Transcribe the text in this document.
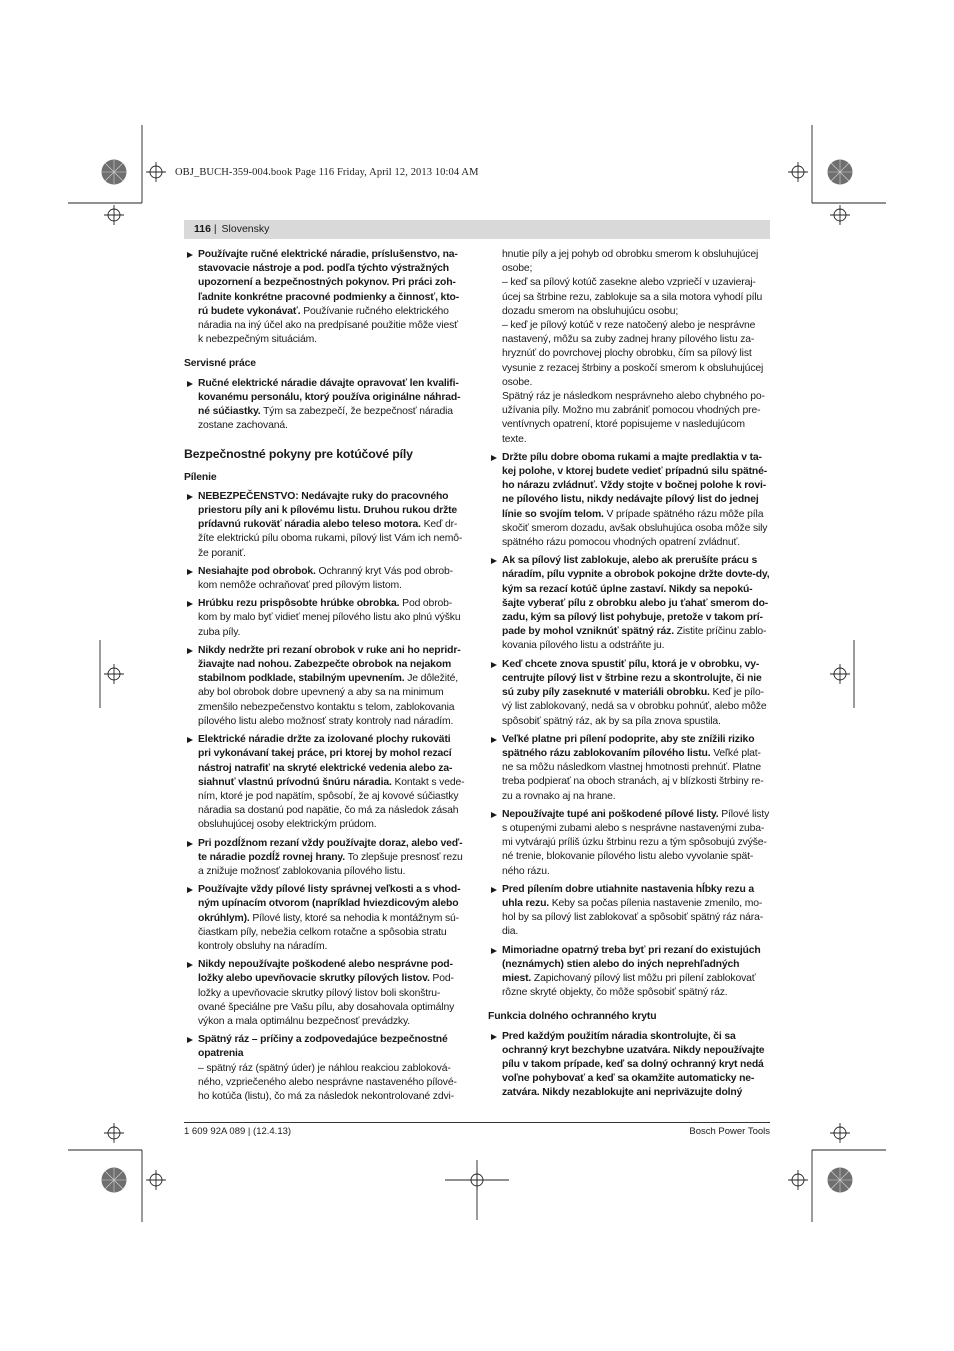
OBJ_BUCH-359-004.book Page 116 Friday, April 12, 2013 10:04 AM
116 | Slovensky
Používajte ručné elektrické náradie, príslušenstvo, na-stavovacie nástroje a pod. podľa týchto výstražných upozornení a bezpečnostných pokynov. Pri práci zoh-ľadnite konkrétne pracovné podmienky a činnosť, kto-rú budete vykonávať. Používanie ručného elektrického náradia na iný účel ako na predpísané použitie môže viesť k nebezpečným situáciám.
Servisné práce
Ručné elektrické náradie dávajte opravovať len kvalifi-kovanému personálu, ktorý používa originálne náhrad-né súčiastky. Tým sa zabezpečí, že bezpečnosť náradia zostane zachovaná.
Bezpečnostné pokyny pre kotúčové píly
Pílenie
NEBEZPEČENSTVO: Nedávajte ruky do pracovného priestoru píly ani k pílovému listu. Druhou rukou držte prídavnú rukoväť náradia alebo teleso motora. Keď dr-žíte elektrickú pílu oboma rukami, pílový list Vám ich nemô-že poraniť.
Nesiahajte pod obrobok. Ochranný kryt Vás pod obrob-kom nemôže ochraňovať pred pílovým listom.
Hrúbku rezu prispôsobte hrúbke obrobka. Pod obrob-kom by malo byť vidieť menej pílového listu ako plnú výšku zuba píly.
Nikdy nedržte pri rezaní obrobok v ruke ani ho nepridr-žiavajte nad nohou. Zabezpečte obrobok na nejakom stabilnom podklade, stabilným upevnením. Je dôležité, aby bol obrobok dobre upevnený a aby sa na minimum zmenšilo nebezpečenstvo kontaktu s telom, zablokovania pílového listu alebo možnosť straty kontroly nad náradím.
Elektrické náradie držte za izolované plochy rukoväti pri vykonávaní takej práce, pri ktorej by mohol rezací nástroj natrafiť na skryté elektrické vedenia alebo za-siahnuť vlastnú prívodnú šnúru náradia. Kontakt s vede-ním, ktoré je pod napätím, spôsobí, že aj kovové súčiastky náradia sa dostanú pod napätie, čo má za následok zásah obsluhujúcej osoby elektrickým prúdom.
Pri pozdĺžnom rezaní vždy používajte doraz, alebo veď-te náradie pozdĺž rovnej hrany. To zlepšuje presnosť rezu a znižuje možnosť zablokovania pílového listu.
Používajte vždy pílové listy správnej veľkosti a s vhod-ným upínacím otvorom (napríklad hviezdicovým alebo okrúhlym). Pílové listy, ktoré sa nehodia k montážnym sú-čiastkam píly, nebežia celkom rotačne a spôsobia stratu kontroly obsluhy na náradím.
Nikdy nepoužívajte poškodené alebo nesprávne pod-ložky alebo upevňovacie skrutky pílových listov. Pod-ložky a upevňovacie skrutky pílový listov boli skonštru-ované špeciálne pre Vašu pílu, aby dosahovala optimálny výkon a mala optimálnu bezpečnosť prevádzky.
Spätný ráz – príčiny a zodpovedajúce bezpečnostné opatrenia

– spätný ráz (spätný úder) je náhlou reakciou zabloková-ného, vzpriečeného alebo nesprávne nastaveného pílové-ho kotúča (listu), čo má za následok nekontrolované zdvi-

hnutie píly a jej pohyb od obrobku smerom k obsluhujúcej osobe;

– keď sa pílový kotúč zasekne alebo vzpriečí v uzavieraj-úcej sa štrbine rezu, zablokuje sa a sila motora vyhodí pílu dozadu smerom na obsluhujúcu osobu;

– keď je pílový kotúč v reze natočený alebo je nesprávne nastavený, môžu sa zuby zadnej hrany pílového listu za-hryznúť do povrchovej plochy obrobku, čím sa pílový list vysunie z rezacej štrbiny a poskočí smerom k obsluhujúcej osobe.

Spätný ráz je následkom nesprávneho alebo chybného po-užívania píly. Možno mu zabrániť pomocou vhodných pre-ventívnych opatrení, ktoré popisujeme v nasledujúcom texte.

Držte pílu dobre oboma rukami a majte predlaktia v ta-kej polohe, v ktorej budete vedieť prípadnú silu spätné-ho nárazu zvládnuť. Vždy stojte v bočnej polohe k rovi-ne pílového listu, nikdy nedávajte pílový list do jednej línie so svojím telom. V prípade spätného rázu môže píla skočiť smerom dozadu, avšak obsluhujúca osoba môže sily spätného rázu pomocou vhodných opatrení zvládnuť.
Ak sa pílový list zablokuje, alebo ak prerušíte prácu s náradím, pílu vypnite a obrobok pokojne držte dovte-dy, kým sa rezací kotúč úplne zastaví. Nikdy sa nepokú-šajte vyberať pílu z obrobku alebo ju ťahať smerom do-zadu, kým sa pílový list pohybuje, pretože v takom prí-pade by mohol vzniknúť spätný ráz. Zistite príčinu zablo-kovania pílového listu a odstráňte ju.
Keď chcete znova spustiť pílu, ktorá je v obrobku, vy-centrujte pílový list v štrbine rezu a skontrolujte, či nie sú zuby píly zaseknuté v materiáli obrobku. Keď je pílo-vý list zablokovaný, nedá sa v obrobku pohnúť, alebo môže spôsobiť spätný ráz, ak by sa píla znova spustila.
Veľké platne pri pílení podoprite, aby ste znížili riziko spätného rázu zablokovaním pílového listu. Veľké plat-ne sa môžu následkom vlastnej hmotnosti prehnúť. Platne treba podpierať na oboch stranách, aj v blízkosti štrbiny re-zu a rovnako aj na hrane.
Nepoužívajte tupé ani poškodené pílové listy. Pílové listy s otupenými zubami alebo s nesprávne nastavenými zuba-mi vytvárajú príliš úzku štrbinu rezu a tým spôsobujú zvýše-né trenie, blokovanie pílového listu alebo vyvolanie spät-ného rázu.
Pred pílením dobre utiahnite nastavenia hĺbky rezu a uhla rezu. Keby sa počas pílenia nastavenie zmenilo, mo-hol by sa pílový list zablokovať a spôsobiť spätný ráz nára-dia.
Mimoriadne opatrný treba byť pri rezaní do existujúch (neznámych) stien alebo do iných neprehľadných miest. Zapichovaný pílový list môžu pri pílení zablokovať rôzne skryté objekty, čo môže spôsobiť spätný ráz.
Funkcia dolného ochranného krytu
Pred každým použitím náradia skontrolujte, či sa ochranný kryt bezchybne uzatvára. Nikdy nepoužívajte pílu v takom prípade, keď sa dolný ochranný kryt nedá voľne pohybovať a keď sa okamžite automaticky ne-zatvára. Nikdy nezablokujte ani nepriväzujte dolný
1 609 92A 089 | (12.4.13)	Bosch Power Tools
